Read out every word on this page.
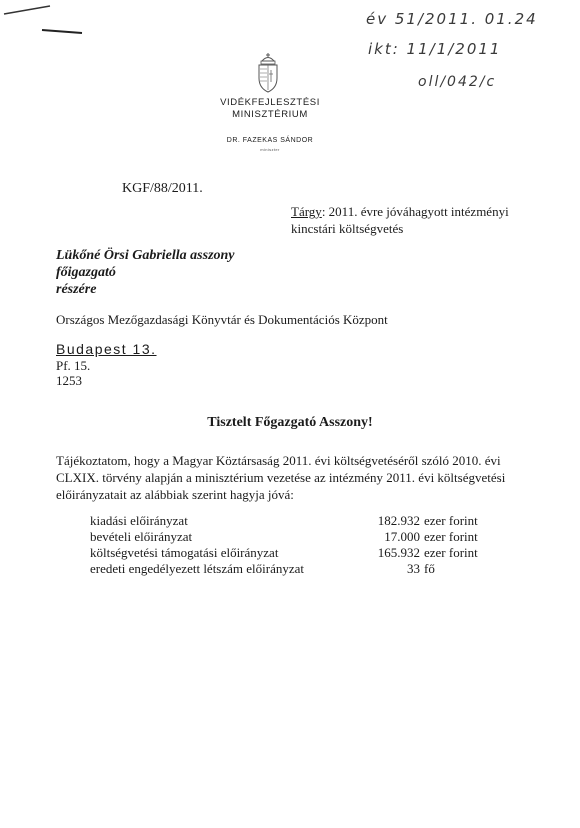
év 51/2011. 01.24
ikt: 11/1/2011
oll/042/c
VIDÉKFEJLESZTÉSI
MINISZTÉRIUM
DR. FAZEKAS SÁNDOR
miniszter
KGF/88/2011.
Tárgy: 2011. évre jóváhagyott intézményi
kincstári költségvetés
Lükőné Örsi Gabriella asszony
főigazgató
részére
Országos Mezőgazdasági Könyvtár és Dokumentációs Központ
Budapest 13.
Pf. 15.
1253
Tisztelt Főgazgató Asszony!
Tájékoztatom, hogy a Magyar Köztársaság 2011. évi költségvetéséről szóló 2010. évi
CLXIX. törvény alapján a minisztérium vezetése az intézmény 2011. évi költségvetési
előirányzatait az alábbiak szerint hagyja jóvá:
kiadási előirányzat	182.932	ezer forint
bevételi előirányzat	17.000	ezer forint
költségvetési támogatási előirányzat	165.932	ezer forint
eredeti engedélyezett létszám előirányzat	33	fő
